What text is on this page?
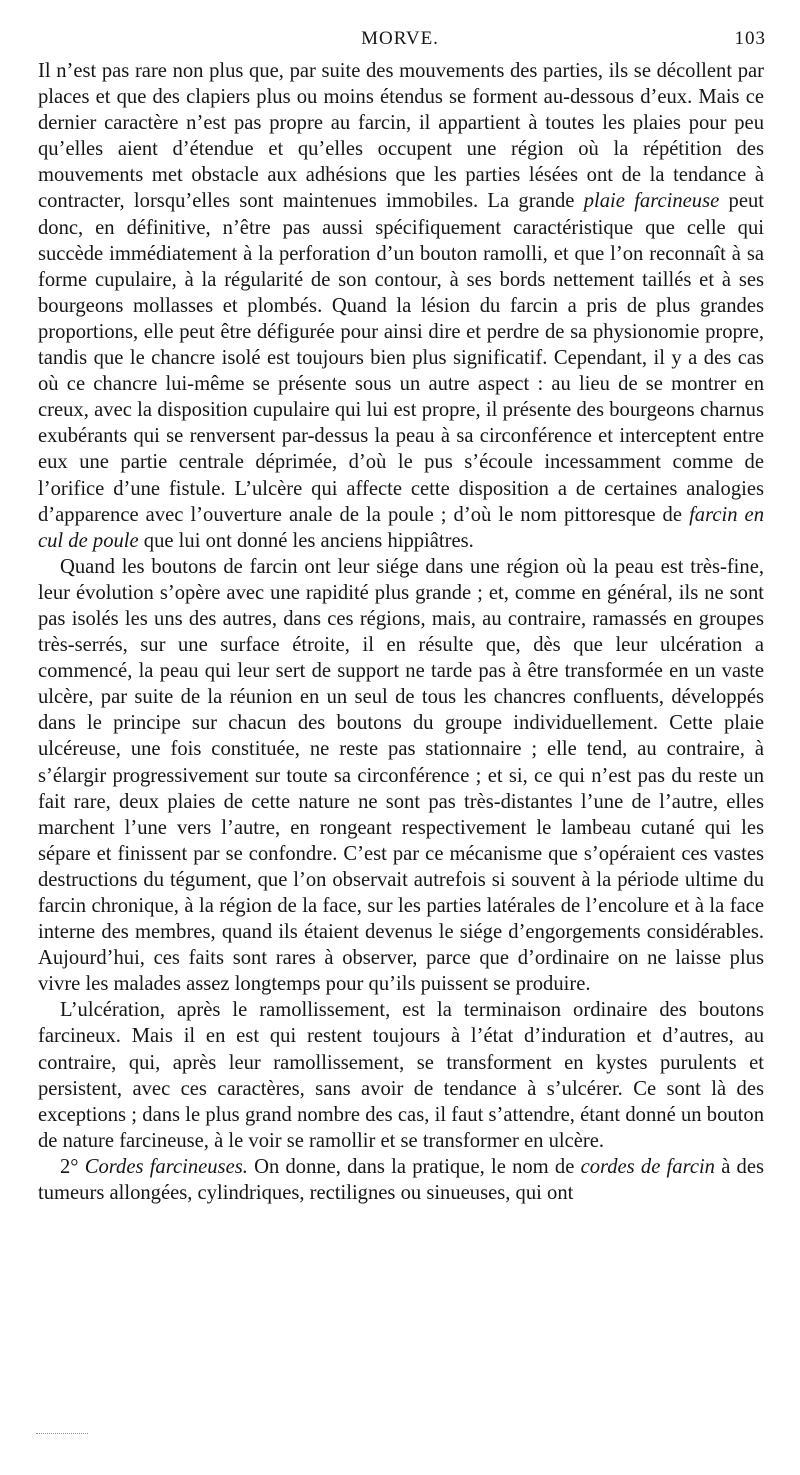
MORVE.	103

Il n’est pas rare non plus que, par suite des mouvements des parties, ils se décollent par places et que des clapiers plus ou moins étendus se forment au-dessous d’eux. Mais ce dernier caractère n’est pas propre au farcin, il appartient à toutes les plaies pour peu qu’elles aient d’étendue et qu’elles occupent une région où la répétition des mouvements met obstacle aux adhésions que les parties lésées ont de la tendance à contracter, lorsqu’elles sont maintenues immobiles. La grande plaie farcineuse peut donc, en définitive, n’être pas aussi spécifiquement caractéristique que celle qui succède immédiatement à la perforation d’un bouton ramolli, et que l’on reconnaît à sa forme cupulaire, à la régularité de son contour, à ses bords nettement taillés et à ses bourgeons mollasses et plombés. Quand la lésion du farcin a pris de plus grandes proportions, elle peut être défigurée pour ainsi dire et perdre de sa physionomie propre, tandis que le chancre isolé est toujours bien plus significatif. Cependant, il y a des cas où ce chancre lui-même se présente sous un autre aspect : au lieu de se montrer en creux, avec la disposition cupulaire qui lui est propre, il présente des bourgeons charnus exubérants qui se renversent par-dessus la peau à sa circonférence et interceptent entre eux une partie centrale déprimée, d’où le pus s’écoule incessamment comme de l’orifice d’une fistule. L’ulcère qui affecte cette disposition a de certaines analogies d’apparence avec l’ouverture anale de la poule ; d’où le nom pittoresque de farcin en cul de poule que lui ont donné les anciens hippiâtres.

Quand les boutons de farcin ont leur siége dans une région où la peau est très-fine, leur évolution s’opère avec une rapidité plus grande ; et, comme en général, ils ne sont pas isolés les uns des autres, dans ces régions, mais, au contraire, ramassés en groupes très-serrés, sur une surface étroite, il en résulte que, dès que leur ulcération a commencé, la peau qui leur sert de support ne tarde pas à être transformée en un vaste ulcère, par suite de la réunion en un seul de tous les chancres confluents, développés dans le principe sur chacun des boutons du groupe individuellement. Cette plaie ulcéreuse, une fois constituée, ne reste pas stationnaire ; elle tend, au contraire, à s’élargir progressivement sur toute sa circonférence ; et si, ce qui n’est pas du reste un fait rare, deux plaies de cette nature ne sont pas très-distantes l’une de l’autre, elles marchent l’une vers l’autre, en rongeant respectivement le lambeau cutané qui les sépare et finissent par se confondre. C’est par ce mécanisme que s’opéraient ces vastes destructions du tégument, que l’on observait autrefois si souvent à la période ultime du farcin chronique, à la région de la face, sur les parties latérales de l’encolure et à la face interne des membres, quand ils étaient devenus le siége d’engorgements considérables. Aujourd’hui, ces faits sont rares à observer, parce que d’ordinaire on ne laisse plus vivre les malades assez longtemps pour qu’ils puissent se produire.

L’ulcération, après le ramollissement, est la terminaison ordinaire des boutons farcineux. Mais il en est qui restent toujours à l’état d’induration et d’autres, au contraire, qui, après leur ramollissement, se transforment en kystes purulents et persistent, avec ces caractères, sans avoir de tendance à s’ulcérer. Ce sont là des exceptions ; dans le plus grand nombre des cas, il faut s’attendre, étant donné un bouton de nature farcineuse, à le voir se ramollir et se transformer en ulcère.

2° Cordes farcineuses. On donne, dans la pratique, le nom de cordes de farcin à des tumeurs allongées, cylindriques, rectilignes ou sinueuses, qui ont
